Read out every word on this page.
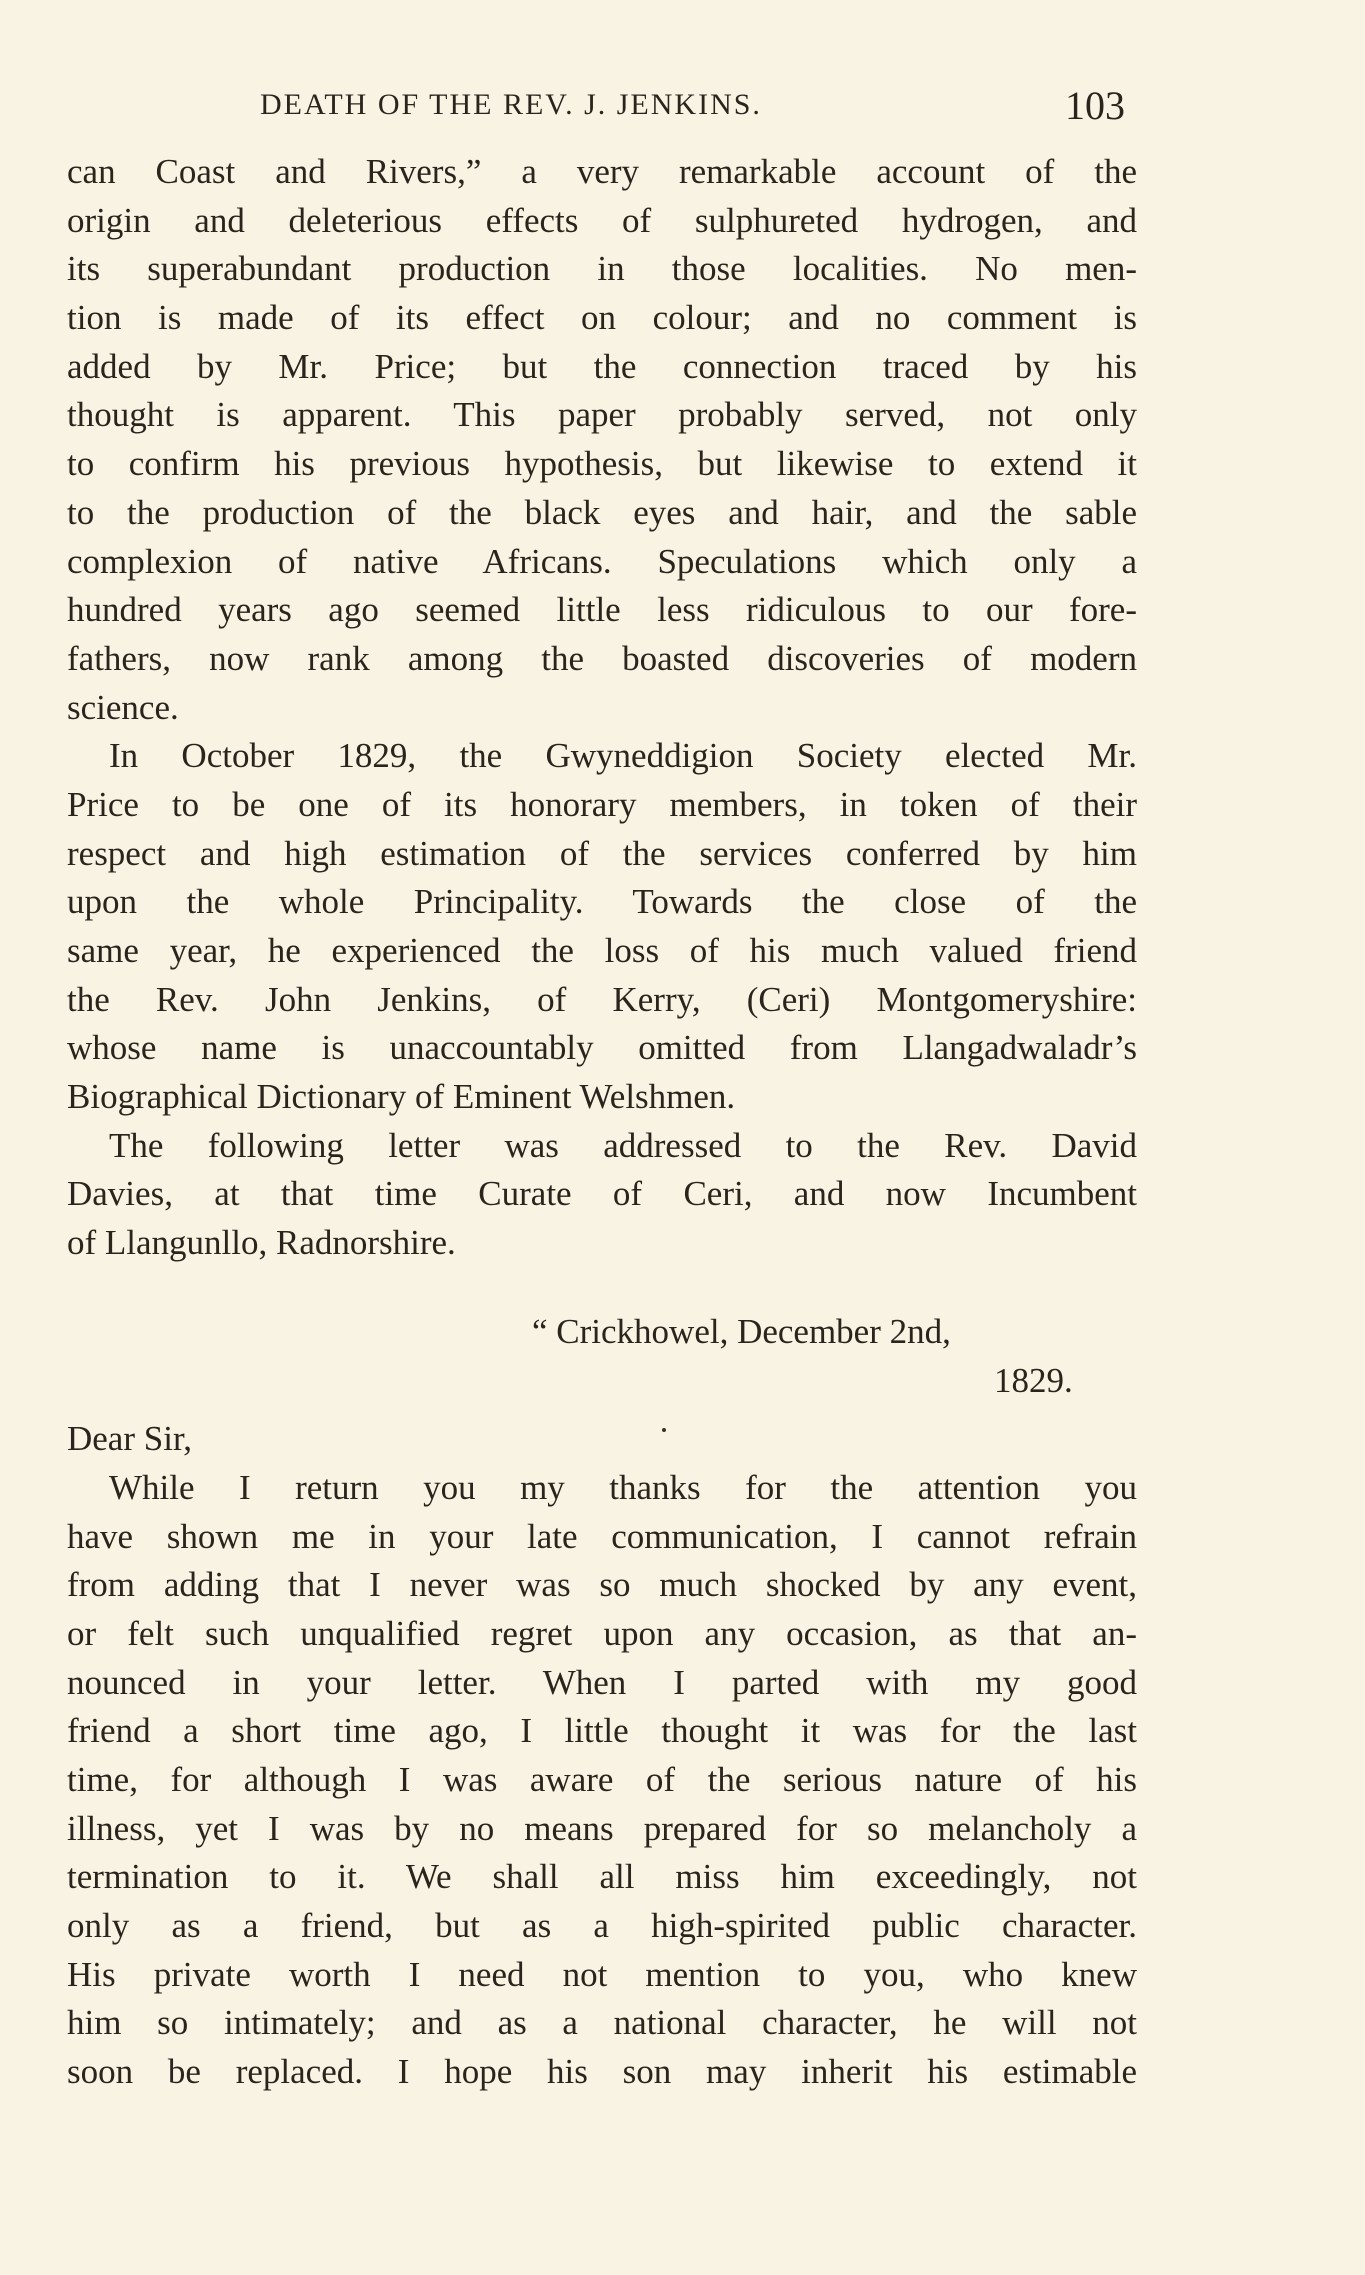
DEATH OF THE REV. J. JENKINS.	103
can Coast and Rivers,” a very remarkable account of the
origin and deleterious effects of sulphureted hydrogen, and
its superabundant production in those localities. No men-
tion is made of its effect on colour; and no comment is
added by Mr. Price; but the connection traced by his
thought is apparent. This paper probably served, not only
to confirm his previous hypothesis, but likewise to extend it
to the production of the black eyes and hair, and the sable
complexion of native Africans. Speculations which only a
hundred years ago seemed little less ridiculous to our fore-
fathers, now rank among the boasted discoveries of modern
science.
In October 1829, the Gwyneddigion Society elected Mr.
Price to be one of its honorary members, in token of their
respect and high estimation of the services conferred by him
upon the whole Principality. Towards the close of the
same year, he experienced the loss of his much valued friend
the Rev. John Jenkins, of Kerry, (Ceri) Montgomeryshire:
whose name is unaccountably omitted from Llangadwaladr’s
Biographical Dictionary of Eminent Welshmen.
The following letter was addressed to the Rev. David
Davies, at that time Curate of Ceri, and now Incumbent
of Llangunllo, Radnorshire.
“ Crickhowel, December 2nd,
1829.
Dear Sir,
While I return you my thanks for the attention you
have shown me in your late communication, I cannot refrain
from adding that I never was so much shocked by any event,
or felt such unqualified regret upon any occasion, as that an-
nounced in your letter. When I parted with my good
friend a short time ago, I little thought it was for the last
time, for although I was aware of the serious nature of his
illness, yet I was by no means prepared for so melancholy a
termination to it. We shall all miss him exceedingly, not
only as a friend, but as a high-spirited public character.
His private worth I need not mention to you, who knew
him so intimately; and as a national character, he will not
soon be replaced. I hope his son may inherit his estimable
